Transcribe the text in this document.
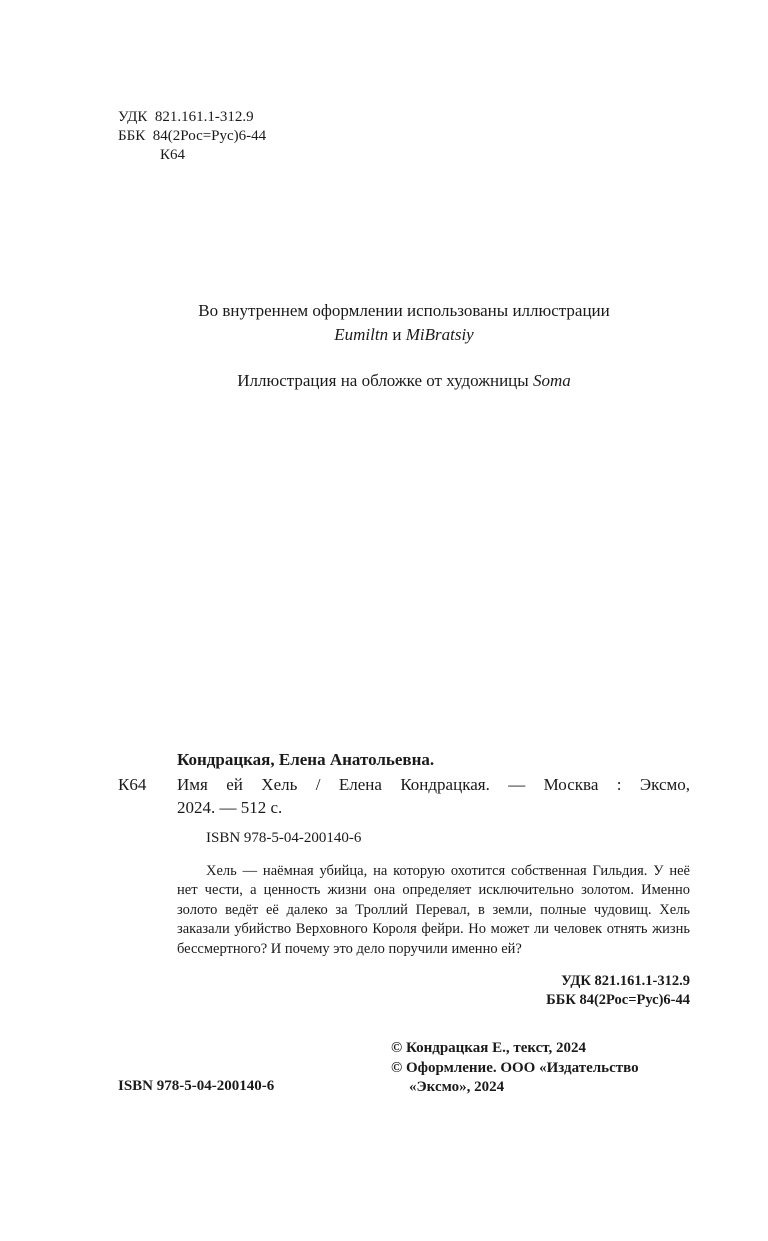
УДК  821.161.1-312.9
ББК  84(2Рос=Рус)6-44
К64
Во внутреннем оформлении использованы иллюстрации
Eumiltn и MiBratsiy
Иллюстрация на обложке от художницы Soma
Кондрацкая, Елена Анатольевна.
К64 Имя ей Хель / Елена Кондрацкая. — Москва : Эксмо,
2024. — 512 с.
ISBN 978-5-04-200140-6

Хель — наёмная убийца, на которую охотится собственная Гильдия. У неё нет чести, а ценность жизни она определяет исключительно золотом. Именно золото ведёт её далеко за Троллий Перевал, в земли, полные чудовищ. Хель заказали убийство Верховного Короля фейри. Но может ли человек отнять жизнь бессмертного? И почему это дело поручили именно ей?

УДК 821.161.1-312.9
ББК 84(2Рос=Рус)6-44
© Кондрацкая Е., текст, 2024
© Оформление. ООО «Издательство
«Эксмо», 2024
ISBN 978-5-04-200140-6
